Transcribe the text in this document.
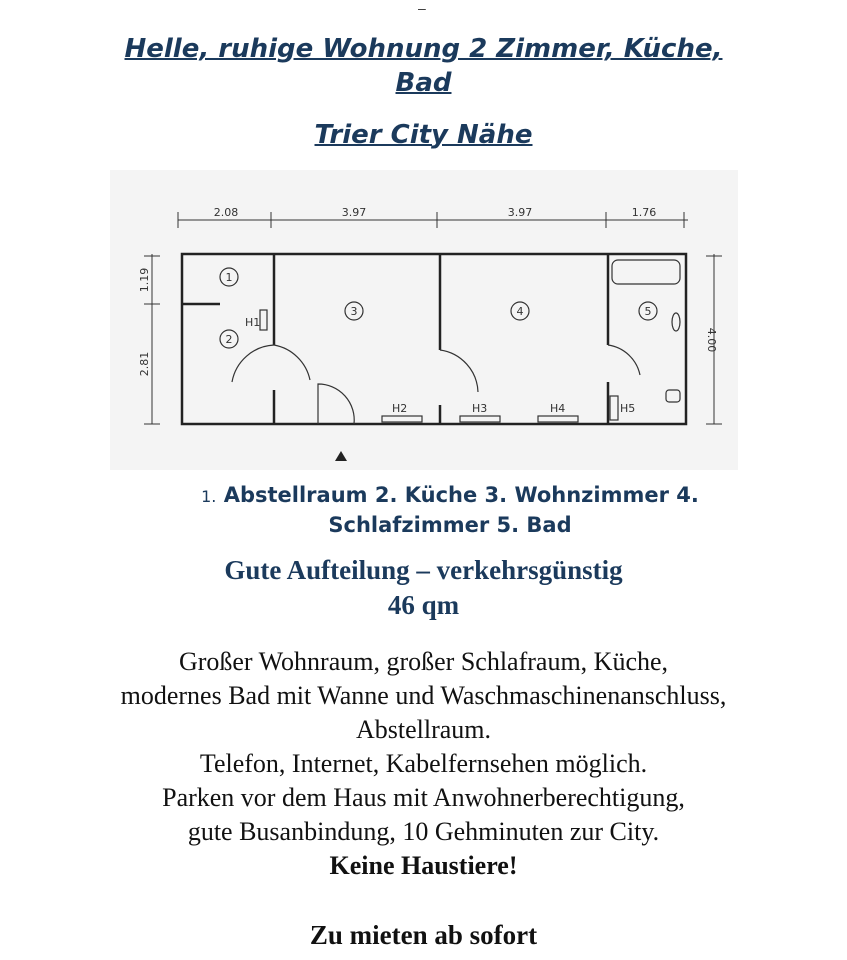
–
Helle, ruhige Wohnung 2 Zimmer, Küche,
Bad
Trier City Nähe
2.08	3.97	3.97	1.76
1.19
2.81
4.00
1
2
3	4	5
H1
H2	H3	H4	H5
1. Abstellraum 2. Küche 3. Wohnzimmer 4.
Schlafzimmer 5. Bad
Gute Aufteilung – verkehrsgünstig
46 qm
Großer Wohnraum, großer Schlafraum, Küche,
modernes Bad mit Wanne und Waschmaschinenanschluss,
Abstellraum.
Telefon, Internet, Kabelfernsehen möglich.
Parken vor dem Haus mit Anwohnerberechtigung,
gute Busanbindung, 10 Gehminuten zur City.
Keine Haustiere!
Zu mieten ab sofort
